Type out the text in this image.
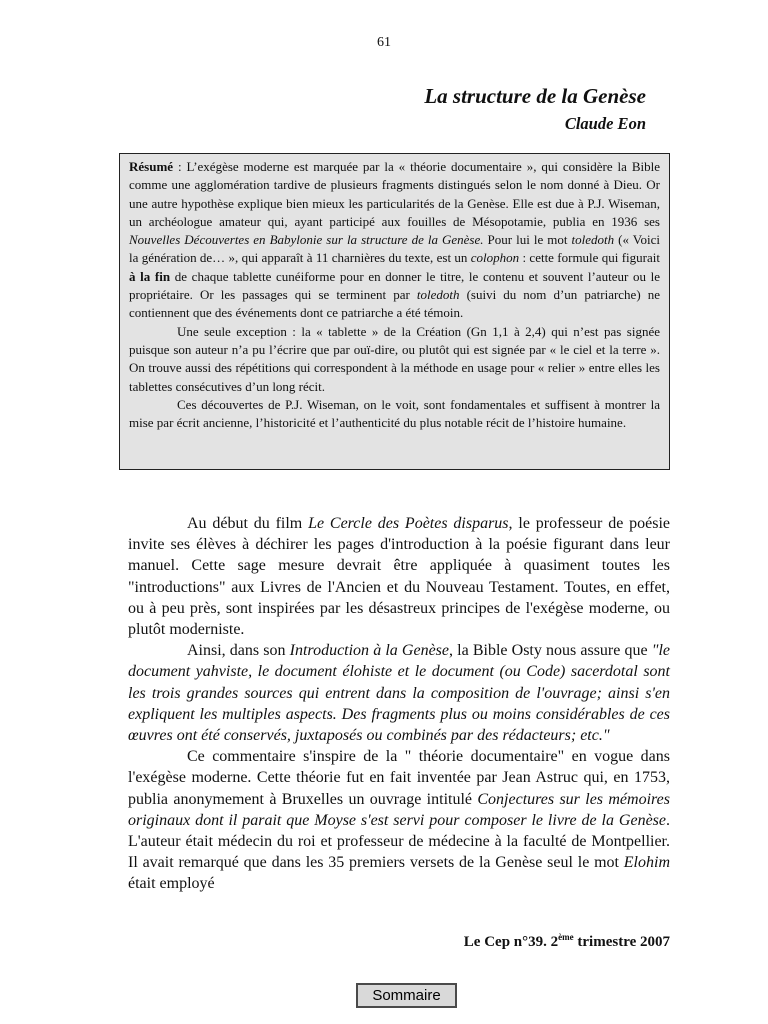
61
La structure de la Genèse
Claude Eon

Résumé : L’exégèse moderne est marquée par la « théorie documentaire », qui considère la Bible comme une agglomération tardive de plusieurs fragments distingués selon le nom donné à Dieu. Or une autre hypothèse explique bien mieux les particularités de la Genèse. Elle est due à P.J. Wiseman, un archéologue amateur qui, ayant participé aux fouilles de Mésopotamie, publia en 1936 ses Nouvelles Découvertes en Babylonie sur la structure de la Genèse. Pour lui le mot toledoth (« Voici la génération de… », qui apparaît à 11 charnières du texte, est un colophon : cette formule qui figurait à la fin de chaque tablette cunéiforme pour en donner le titre, le contenu et souvent l’auteur ou le propriétaire. Or les passages qui se terminent par toledoth (suivi du nom d’un patriarche) ne contiennent que des événements dont ce patriarche a été témoin.

Une seule exception : la « tablette » de la Création (Gn 1,1 à 2,4) qui n’est pas signée puisque son auteur n’a pu l’écrire que par ouï-dire, ou plutôt qui est signée par « le ciel et la terre ». On trouve aussi des répétitions qui correspondent à la méthode en usage pour « relier » entre elles les tablettes consécutives d’un long récit.

Ces découvertes de P.J. Wiseman, on le voit, sont fondamentales et suffisent à montrer la mise par écrit ancienne, l’historicité et l’authenticité du plus notable récit de l’histoire humaine.

Au début du film Le Cercle des Poètes disparus, le professeur de poésie invite ses élèves à déchirer les pages d'introduction à la poésie figurant dans leur manuel. Cette sage mesure devrait être appliquée à quasiment toutes les "introductions" aux Livres de l'Ancien et du Nouveau Testament. Toutes, en effet, ou à peu près, sont inspirées par les désastreux principes de l'exégèse moderne, ou plutôt moderniste.

Ainsi, dans son Introduction à la Genèse, la Bible Osty nous assure que "le document yahviste, le document élohiste et le document (ou Code) sacerdotal sont les trois grandes sources qui entrent dans la composition de l'ouvrage; ainsi s'en expliquent les multiples aspects. Des fragments plus ou moins considérables de ces œuvres ont été conservés, juxtaposés ou combinés par des rédacteurs; etc."

Ce commentaire s'inspire de la " théorie documentaire" en vogue dans l'exégèse moderne. Cette théorie fut en fait inventée par Jean Astruc qui, en 1753, publia anonymement à Bruxelles un ouvrage intitulé Conjectures sur les mémoires originaux dont il parait que Moyse s'est servi pour composer le livre de la Genèse. L'auteur était médecin du roi et professeur de médecine à la faculté de Montpellier. Il avait remarqué que dans les 35 premiers versets de la Genèse seul le mot Elohim était employé

Le Cep n°39. 2ème trimestre 2007
Sommaire
